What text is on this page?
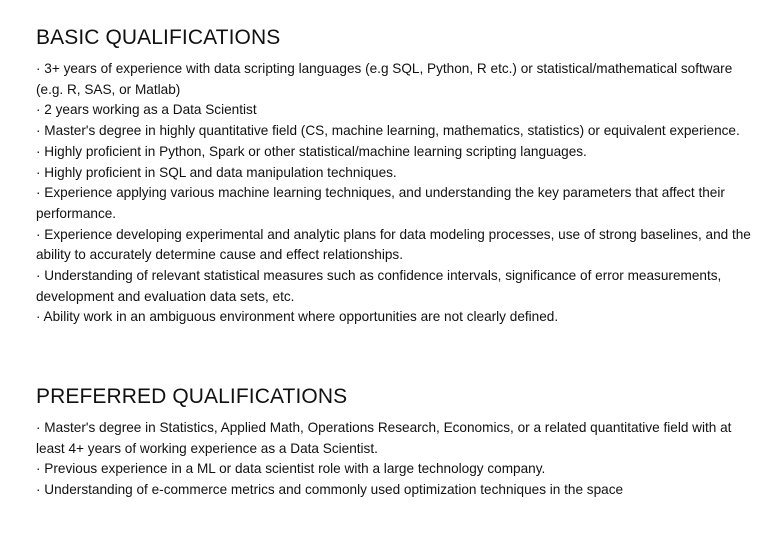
BASIC QUALIFICATIONS
· 3+ years of experience with data scripting languages (e.g SQL, Python, R etc.) or statistical/mathematical software (e.g. R, SAS, or Matlab)
· 2 years working as a Data Scientist
· Master's degree in highly quantitative field (CS, machine learning, mathematics, statistics) or equivalent experience.
· Highly proficient in Python, Spark or other statistical/machine learning scripting languages.
· Highly proficient in SQL and data manipulation techniques.
· Experience applying various machine learning techniques, and understanding the key parameters that affect their performance.
· Experience developing experimental and analytic plans for data modeling processes, use of strong baselines, and the ability to accurately determine cause and effect relationships.
· Understanding of relevant statistical measures such as confidence intervals, significance of error measurements, development and evaluation data sets, etc.
· Ability work in an ambiguous environment where opportunities are not clearly defined.
PREFERRED QUALIFICATIONS
· Master's degree in Statistics, Applied Math, Operations Research, Economics, or a related quantitative field with at least 4+ years of working experience as a Data Scientist.
· Previous experience in a ML or data scientist role with a large technology company.
· Understanding of e-commerce metrics and commonly used optimization techniques in the space
